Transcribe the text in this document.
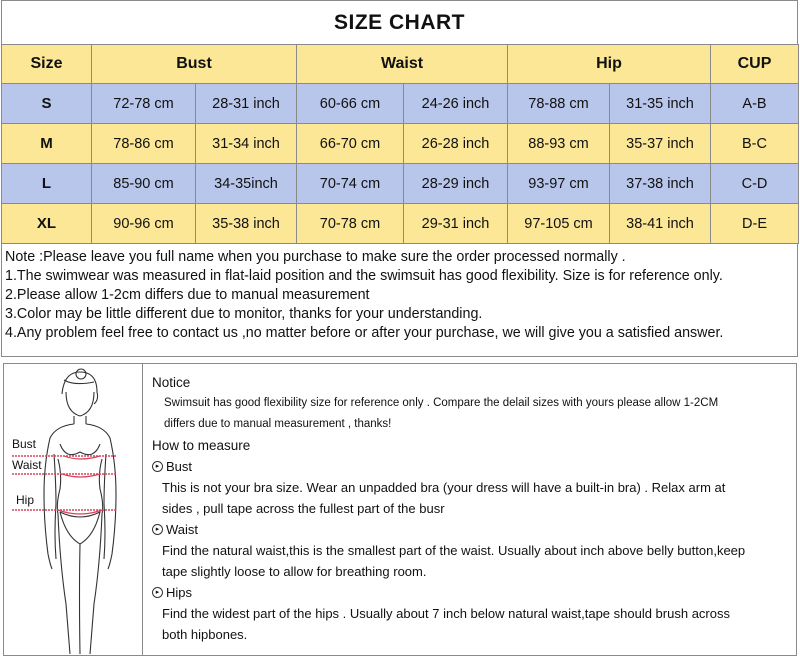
SIZE CHART
Size	Bust		Waist		Hip		CUP
S	72-78 cm	28-31 inch	60-66 cm	24-26 inch	78-88 cm	31-35 inch	A-B
M	78-86 cm	31-34 inch	66-70 cm	26-28 inch	88-93 cm	35-37 inch	B-C
L	85-90 cm	34-35inch	70-74 cm	28-29 inch	93-97 cm	37-38 inch	C-D
XL	90-96 cm	35-38 inch	70-78 cm	29-31 inch	97-105 cm	38-41 inch	D-E
Note :Please leave you full name when you purchase to make sure the order processed normally .
1.The swimwear was measured in flat-laid position and the swimsuit has good flexibility. Size is for reference only.
2.Please allow 1-2cm differs due to manual measurement
3.Color may be little different due to monitor, thanks for your understanding.
4.Any problem feel free to contact us ,no matter before or after your purchase, we will give you a satisfied answer.
Bust
Waist
Hip
Notice
Swimsuit has good flexibility size for reference only . Compare the delail sizes with yours please allow 1-2CM
differs due to manual measurement , thanks!
How to measure
▸ Bust
This is not your bra size. Wear an unpadded bra (your dress will have a built-in bra) . Relax arm at
sides , pull tape across the fullest part of the busr
▸ Waist
Find the natural waist,this is the smallest part of the waist. Usually about inch above belly button,keep
tape slightly loose to allow for breathing room.
▸ Hips
Find the widest part of the hips . Usually about 7 inch below natural waist,tape should brush across
both hipbones.
